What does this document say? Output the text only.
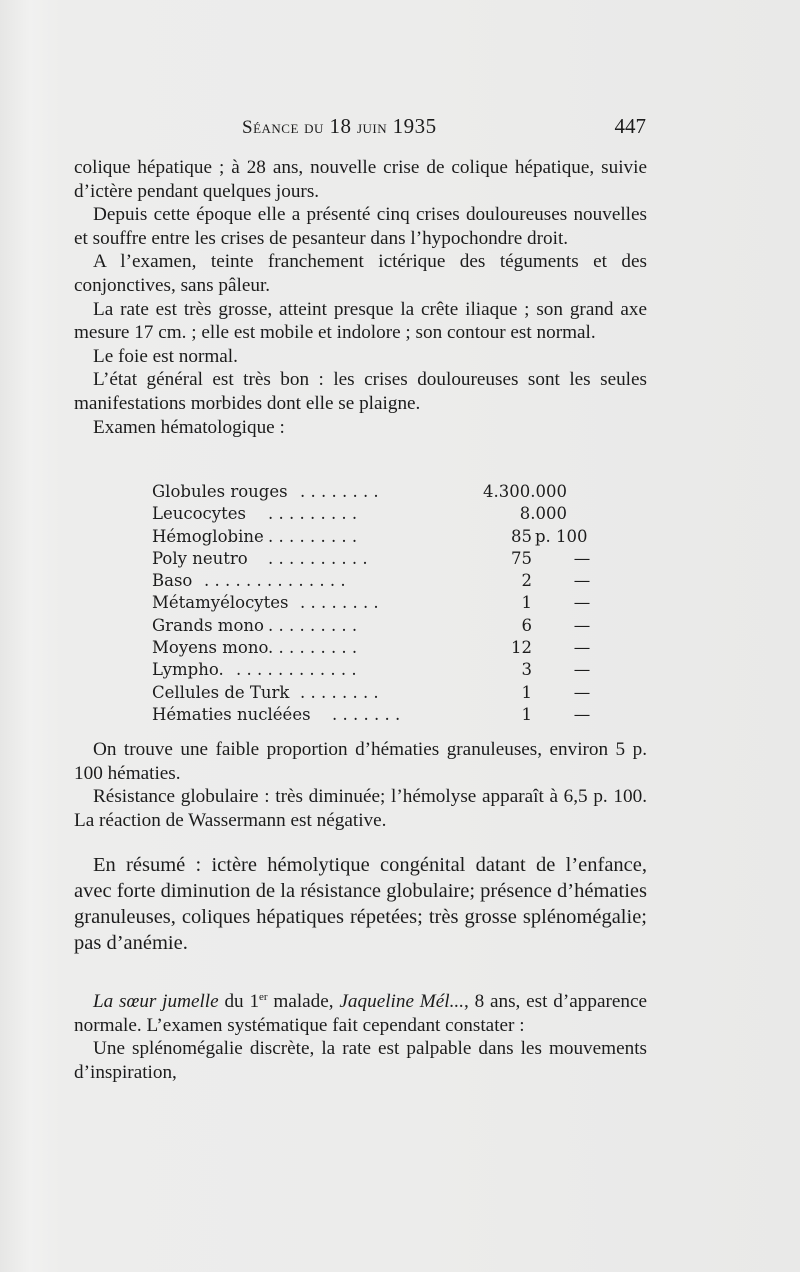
Séance du 18 juin 1935	447

colique hépatique ; à 28 ans, nouvelle crise de colique hépatique, suivie d’ictère pendant quelques jours.

Depuis cette époque elle a présenté cinq crises douloureuses nouvelles et souffre entre les crises de pesanteur dans l’hypochondre droit.

A l’examen, teinte franchement ictérique des téguments et des conjonctives, sans pâleur.

La rate est très grosse, atteint presque la crête iliaque ; son grand axe mesure 17 cm. ; elle est mobile et indolore ; son contour est normal.

Le foie est normal.

L’état général est très bon : les crises douloureuses sont les seules manifestations morbides dont elle se plaigne.

Examen hématologique :

Globules rouges . . . . . . . .	4.300.000
Leucocytes . . . . . . . . .	8.000
Hémoglobine . . . . . . . . .	85 p. 100
Poly neutro . . . . . . . . . .	75	—
Baso . . . . . . . . . . . . . .	2	—
Métamyélocytes . . . . . . . .	1	—
Grands mono . . . . . . . . .	6	—
Moyens mono . . . . . . . . .	12	—
Lympho. . . . . . . . . . . . .	3	—
Cellules de Turk . . . . . . . .	1	—
Hématies nucléées . . . . . . .	1	—

On trouve une faible proportion d’hématies granuleuses, environ 5 p. 100 hématies.

Résistance globulaire : très diminuée; l’hémolyse apparaît à 6,5 p. 100. La réaction de Wassermann est négative.

En résumé : ictère hémolytique congénital datant de l’enfance, avec forte diminution de la résistance globulaire; présence d’hématies granuleuses, coliques hépatiques répetées; très grosse splénomégalie; pas d’anémie.

La sœur jumelle du 1er malade, Jaqueline Mél..., 8 ans, est d’apparence normale. L’examen systématique fait cependant constater :

Une splénomégalie discrète, la rate est palpable dans les mouvements d’inspiration,
